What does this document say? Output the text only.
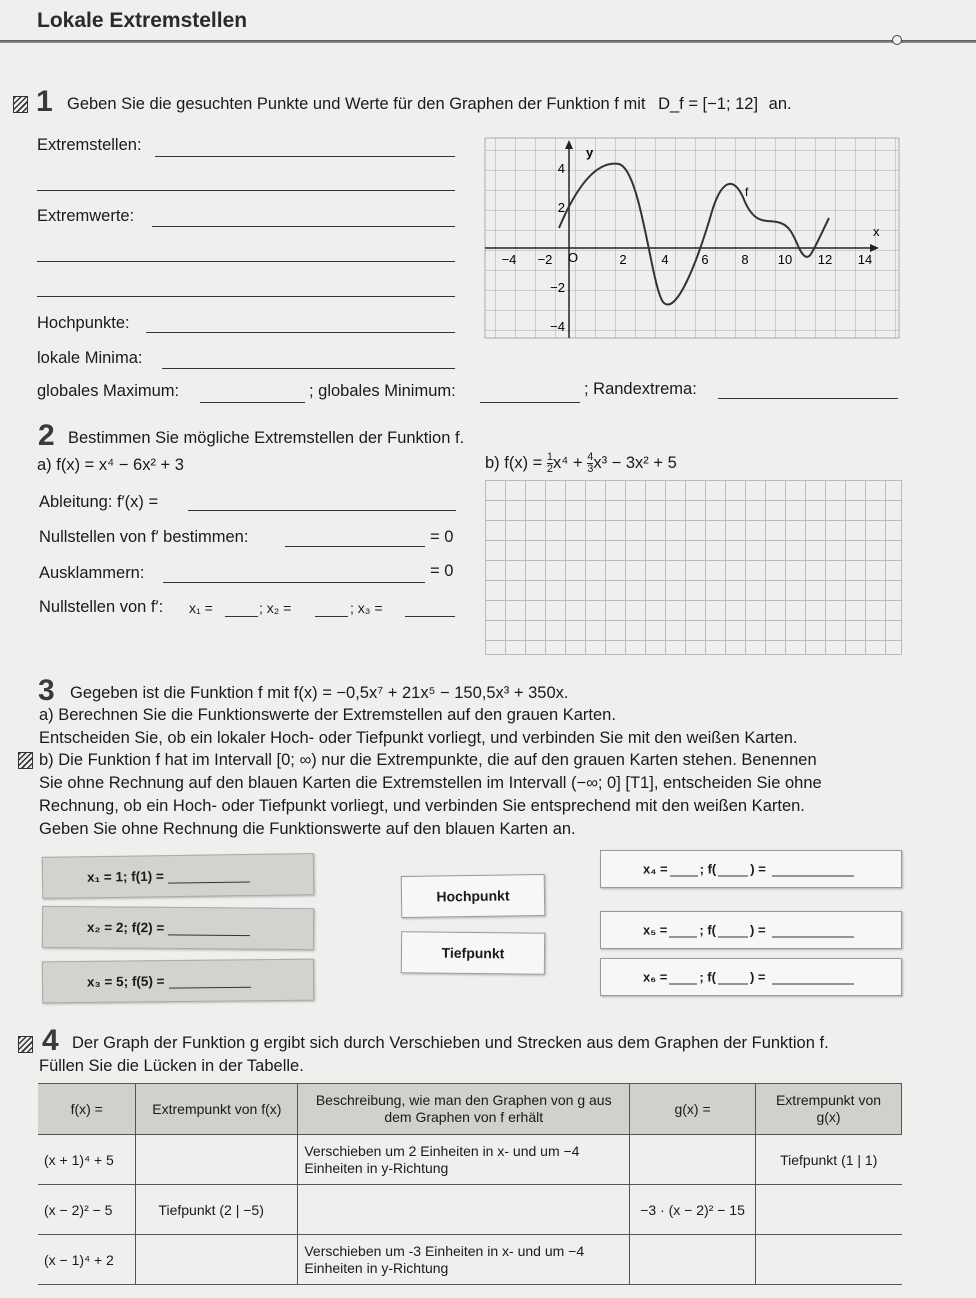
Lokale Extremstellen
1 Geben Sie die gesuchten Punkte und Werte für den Graphen der Funktion f mit D_f = [−1; 12] an.
Extremstellen:
Extremwerte:
Hochpunkte:
lokale Minima:
globales Maximum:	; globales Minimum:	; Randextrema:
x
y
−4 −2 O	2	4	6	8 10 12 14
4
2
−2
−4
f
2 Bestimmen Sie mögliche Extremstellen der Funktion f.
a) f(x) = x⁴ − 6x² + 3	b) $f(x) = \frac{1}{2} x^4 + \frac{4}{3} x^3 - 3x^2 + 5$
Ableitung: f′(x) =
Nullstellen von f′ bestimmen:	= 0
Ausklammern:	= 0
Nullstellen von f′: x₁ =	; x₂ =	; x₃ =
3 Gegeben ist die Funktion f mit f(x) = −0,5x⁷ + 21x⁵ − 150,5x³ + 350x.
a) Berechnen Sie die Funktionswerte der Extremstellen auf den grauen Karten.
Entscheiden Sie, ob ein lokaler Hoch- oder Tiefpunkt vorliegt, und verbinden Sie mit den weißen Karten.
b) Die Funktion f hat im Intervall [0; ∞) nur die Extrempunkte, die auf den grauen Karten stehen. Benennen
Sie ohne Rechnung auf den blauen Karten die Extremstellen im Intervall (−∞; 0] [T1], entscheiden Sie ohne
Rechnung, ob ein Hoch- oder Tiefpunkt vorliegt, und verbinden Sie entsprechend mit den weißen Karten.
Geben Sie ohne Rechnung die Funktionswerte auf den blauen Karten an.
x₁ = 1; f(1) =
x₂ = 2; f(2) =
x₃ = 5; f(5) =
Hochpunkt
Tiefpunkt
x₄ = ; f(	) =
x₅ = ; f(	) =
x₆ = ; f(	) =
4 Der Graph der Funktion g ergibt sich durch Verschieben und Strecken aus dem Graphen der Funktion f.
Füllen Sie die Lücken in der Tabelle.
f(x) =	Extrempunkt von f(x)	Beschreibung, wie man den Graphen von g aus dem Graphen von f erhält	g(x) =	Extrempunkt von g(x)
(x + 1)⁴ + 5		Verschieben um 2 Einheiten in x- und um −4 Einheiten in y-Richtung		Tiefpunkt (1 | 1)
(x − 2)² − 5	Tiefpunkt (2 | −5)		−3 · (x − 2)² − 15	
(x − 1)⁴ + 2		Verschieben um -3 Einheiten in x- und um −4 Einheiten in y-Richtung		
